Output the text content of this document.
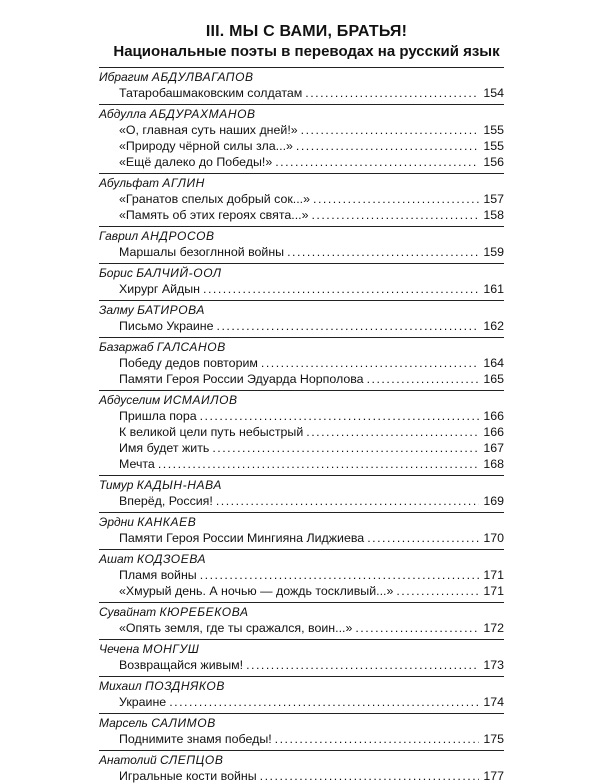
III. МЫ С ВАМИ, БРАТЬЯ!
Национальные поэты в переводах на русский язык
Ибрагим АБДУЛВАГАПОВ
Татаробашмаковским солдатам .....	154
Абдулла АБДУРАХМАНОВ
«О, главная суть наших дней!» .....	155
«Природу чёрной силы зла...» .....	155
«Ещё далеко до Победы!» .....	156
Абульфат АГЛИН
«Гранатов спелых добрый сок...» .....	157
«Память об этих героях свята...» .....	158
Гаврил АНДРОСОВ
Маршалы безоглнной войны .....	159
Борис БАЛЧИЙ-ООЛ
Хирург Айдын .....	161
Залму БАТИРОВА
Письмо Украине .....	162
Базаржаб ГАЛСАНОВ
Победу дедов повторим .....	164
Памяти Героя России Эдуарда Норполова .....	165
Абдуселим ИСМАИЛОВ
Пришла пора .....	166
К великой цели путь небыстрый .....	166
Имя будет жить .....	167
Мечта .....	168
Тимур КАДЫН-НАВА
Вперёд, Россия! .....	169
Эрдни КАНКАЕВ
Памяти Героя России Мингияна Лиджиева .....	170
Ашат КОДЗОЕВА
Пламя войны .....	171
«Хмурый день. А ночью — дождь тоскливый...» .....	171
Сувайнат КЮРЕБЕКОВА
«Опять земля, где ты сражался, воин...» .....	172
Чечена МОНГУШ
Возвращайся живым! .....	173
Михаил ПОЗДНЯКОВ
Украине .....	174
Марсель САЛИМОВ
Поднимите знамя победы! .....	175
Анатолий СЛЕПЦОВ
Игральные кости войны .....	177
